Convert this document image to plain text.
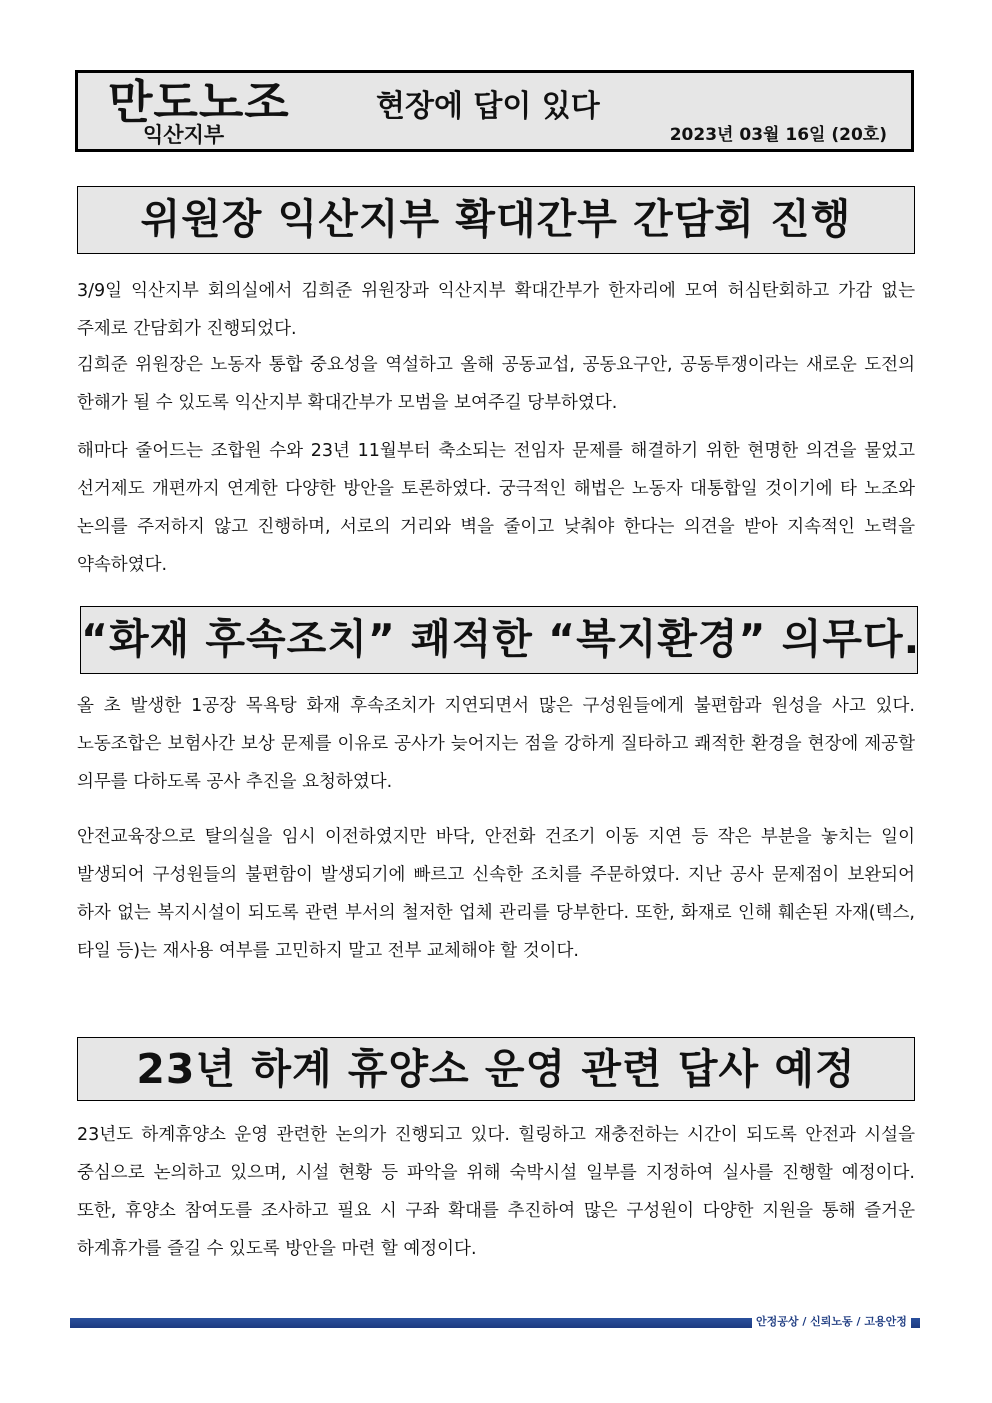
만도노조
익산지부
현장에 답이 있다
2023년 03월 16일 (20호)
위원장 익산지부 확대간부 간담회 진행

3/9일 익산지부 회의실에서 김희준 위원장과 익산지부 확대간부가 한자리에 모여 허심탄회하고 가감 없는 주제로 간담회가 진행되었다.

김희준 위원장은 노동자 통합 중요성을 역설하고 올해 공동교섭, 공동요구안, 공동투쟁이라는 새로운 도전의 한해가 될 수 있도록 익산지부 확대간부가 모범을 보여주길 당부하였다.

해마다 줄어드는 조합원 수와 23년 11월부터 축소되는 전임자 문제를 해결하기 위한 현명한 의견을 물었고 선거제도 개편까지 연계한 다양한 방안을 토론하였다. 궁극적인 해법은 노동자 대통합일 것이기에 타 노조와 논의를 주저하지 않고 진행하며, 서로의 거리와 벽을 줄이고 낮춰야 한다는 의견을 받아 지속적인 노력을 약속하였다.

“화재 후속조치” 쾌적한 “복지환경” 의무다.

올 초 발생한 1공장 목욕탕 화재 후속조치가 지연되면서 많은 구성원들에게 불편함과 원성을 사고 있다. 노동조합은 보험사간 보상 문제를 이유로 공사가 늦어지는 점을 강하게 질타하고 쾌적한 환경을 현장에 제공할 의무를 다하도록 공사 추진을 요청하였다.

안전교육장으로 탈의실을 임시 이전하였지만 바닥, 안전화 건조기 이동 지연 등 작은 부분을 놓치는 일이 발생되어 구성원들의 불편함이 발생되기에 빠르고 신속한 조치를 주문하였다. 지난 공사 문제점이 보완되어 하자 없는 복지시설이 되도록 관련 부서의 철저한 업체 관리를 당부한다. 또한, 화재로 인해 훼손된 자재(텍스, 타일 등)는 재사용 여부를 고민하지 말고 전부 교체해야 할 것이다.

23년 하계 휴양소 운영 관련 답사 예정

23년도 하계휴양소 운영 관련한 논의가 진행되고 있다. 힐링하고 재충전하는 시간이 되도록 안전과 시설을 중심으로 논의하고 있으며, 시설 현황 등 파악을 위해 숙박시설 일부를 지정하여 실사를 진행할 예정이다. 또한, 휴양소 참여도를 조사하고 필요 시 구좌 확대를 추진하여 많은 구성원이 다양한 지원을 통해 즐거운 하계휴가를 즐길 수 있도록 방안을 마련 할 예정이다.

안정공상 / 신뢰노동 / 고용안정
